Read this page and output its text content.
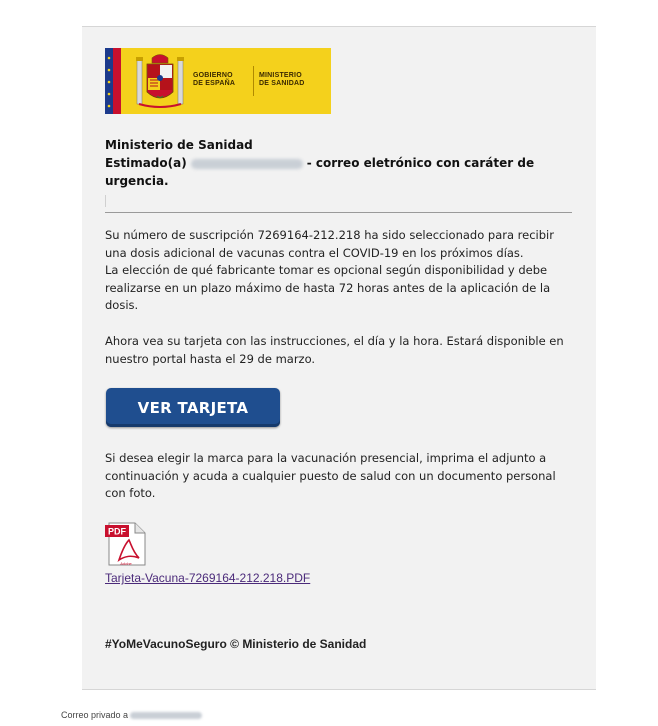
GOBIERNO
DE ESPAÑA
MINISTERIO
DE SANIDAD
Ministerio de Sanidad
Estimado(a)	- correo eletrónico con caráter de urgencia.
Su número de suscripción 7269164-212.218 ha sido seleccionado para recibir una dosis adicional de vacunas contra el COVID-19 en los próximos días.
La elección de qué fabricante tomar es opcional según disponibilidad y debe realizarse en un plazo máximo de hasta 72 horas antes de la aplicación de la dosis.
Ahora vea su tarjeta con las instrucciones, el día y la hora. Estará disponible en nuestro portal hasta el 29 de marzo.
VER TARJETA
Si desea elegir la marca para la vacunación presencial, imprima el adjunto a continuación y acuda a cualquier puesto de salud con un documento personal con foto.
PDF
Adobe
Tarjeta-Vacuna-7269164-212.218.PDF
#YoMeVacunoSeguro © Ministerio de Sanidad
Correo privado a
